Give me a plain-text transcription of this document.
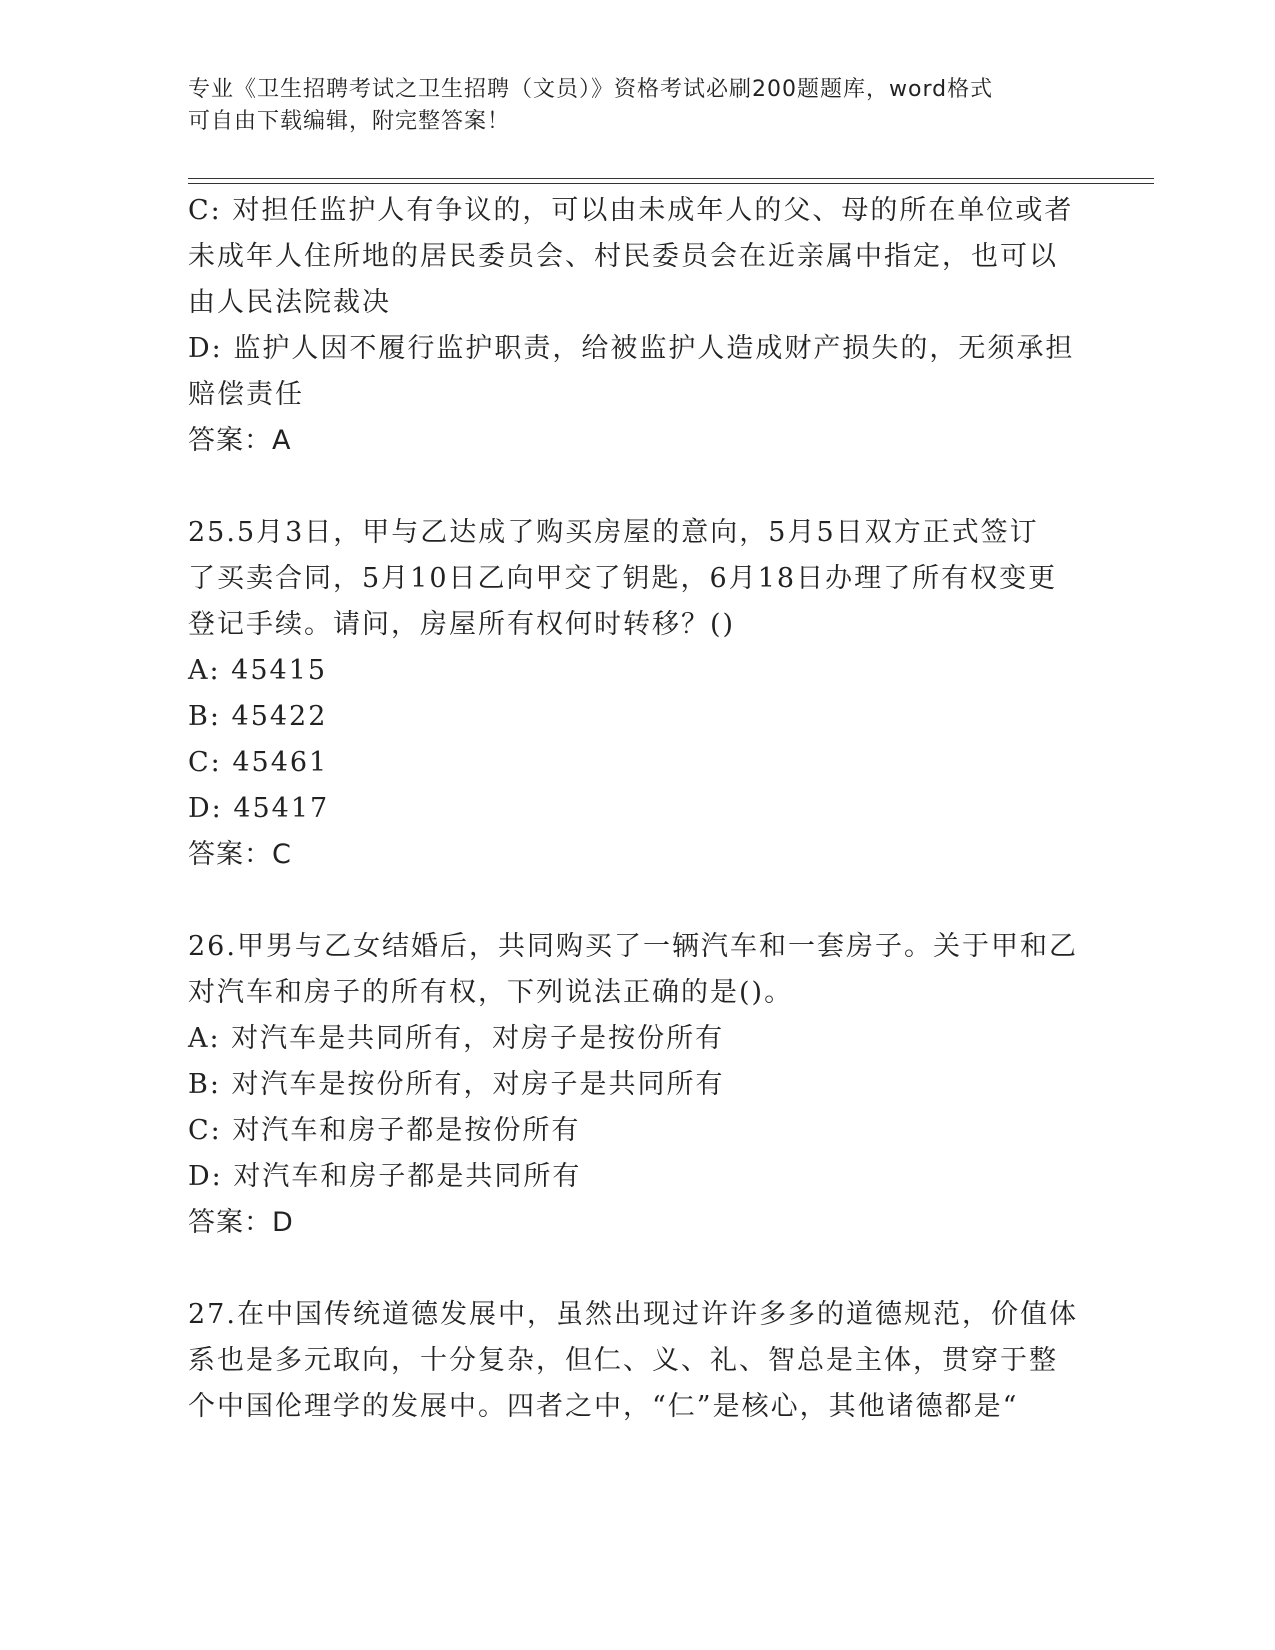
专业《卫生招聘考试之卫生招聘（文员）》资格考试必刷200题题库，word格式
可自由下载编辑，附完整答案！
C: 对担任监护人有争议的，可以由未成年人的父、母的所在单位或者
未成年人住所地的居民委员会、村民委员会在近亲属中指定，也可以
由人民法院裁决
D: 监护人因不履行监护职责，给被监护人造成财产损失的，无须承担
赔偿责任
答案：A
25.5月3日，甲与乙达成了购买房屋的意向，5月5日双方正式签订
了买卖合同，5月10日乙向甲交了钥匙，6月18日办理了所有权变更
登记手续。请问，房屋所有权何时转移？()
A: 45415
B: 45422
C: 45461
D: 45417
答案：C
26.甲男与乙女结婚后，共同购买了一辆汽车和一套房子。关于甲和乙
对汽车和房子的所有权，下列说法正确的是()。
A: 对汽车是共同所有，对房子是按份所有
B: 对汽车是按份所有，对房子是共同所有
C: 对汽车和房子都是按份所有
D: 对汽车和房子都是共同所有
答案：D
27.在中国传统道德发展中，虽然出现过许许多多的道德规范，价值体
系也是多元取向，十分复杂，但仁、义、礼、智总是主体，贯穿于整
个中国伦理学的发展中。四者之中，“仁”是核心，其他诸德都是“
